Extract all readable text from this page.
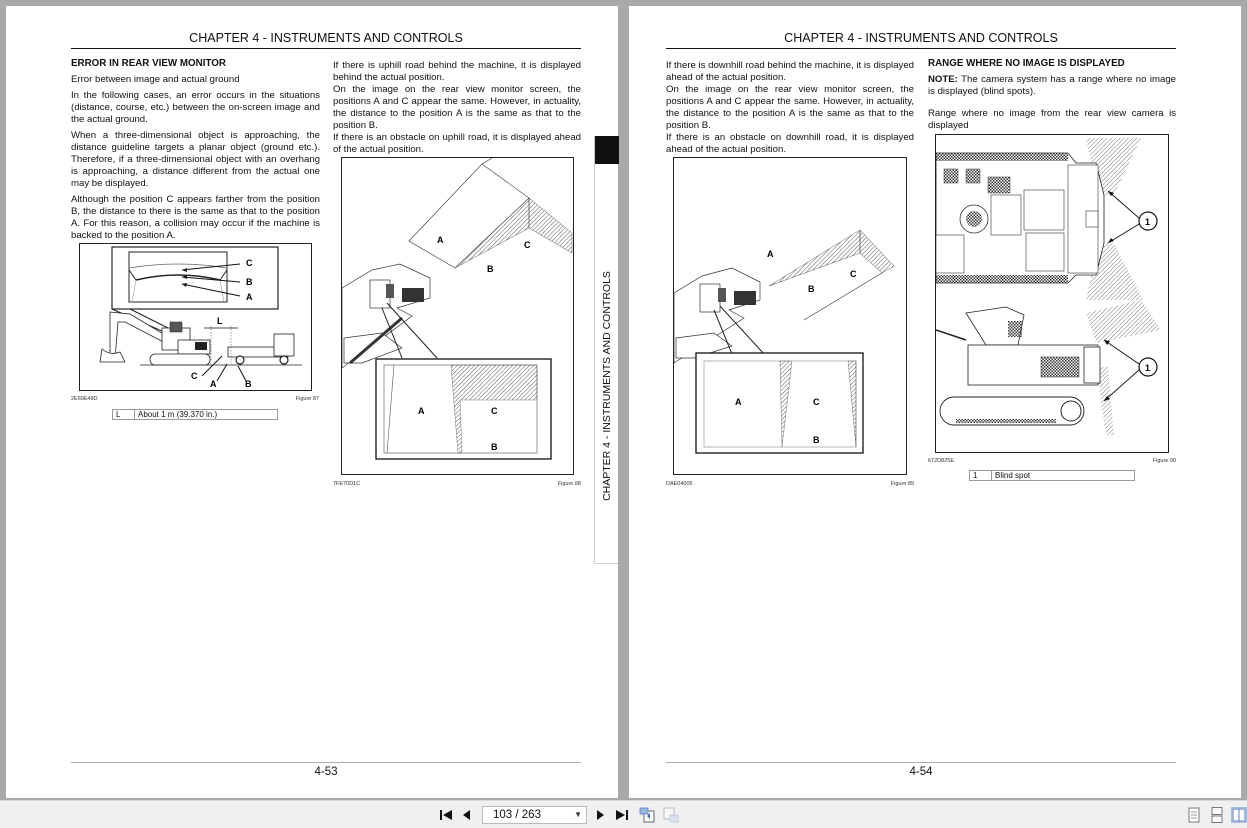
CHAPTER 4 - INSTRUMENTS AND CONTROLS
ERROR IN REAR VIEW MONITOR

Error between image and actual ground

In the following cases, an error occurs in the situations (distance, course, etc.) between the on-screen image and the actual ground.

When a three-dimensional object is approaching, the distance guideline targets a planar object (ground etc.). Therefore, if a three-dimensional object with an overhang is approaching, a distance different from the actual one may be displayed.

Although the position C appears farther from the position B, the distance to there is the same as that to the position A. For this reason, a collision may occur if the machine is backed to the position A.

C
B
A
L
C
A	B
2E69E48D	Figure 87
L	About 1 m (39.370 in.)

If there is uphill road behind the machine, it is displayed behind the actual position.

On the image on the rear view monitor screen, the positions A and C appear the same. However, in actuality, the distance to the position A is the same as that to the position B.

If there is an obstacle on uphill road, it is displayed ahead of the actual position.

A	C
B
A	C
B
7FE70D1C	Figure 88
4-53
CHAPTER 4 - INSTRUMENTS AND CONTROLS
CHAPTER 4 - INSTRUMENTS AND CONTROLS

If there is downhill road behind the machine, it is displayed ahead of the actual position.

On the image on the rear view monitor screen, the positions A and C appear the same. However, in actuality, the distance to the position A is the same as that to the position B.

If there is an obstacle on downhill road, it is displayed ahead of the actual position.

A
C
B
A	C
B
DAE04005	Figure 89
RANGE WHERE NO IMAGE IS DISPLAYED

NOTE: The camera system has a range where no image is displayed (blind spots).

Range where no image from the rear view camera is displayed

1
1
672D825E	Figure 90
1	Blind spot
4-54
103 / 263	▼
